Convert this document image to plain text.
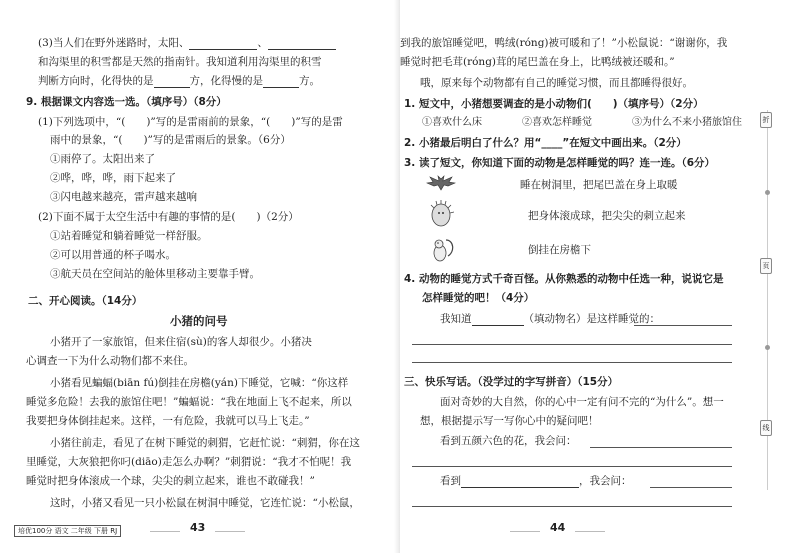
(3)当人们在野外迷路时，太阳、	、
和沟渠里的积雪都是天然的指南针。我知道利用沟渠里的积雪
判断方向时，化得快的是	方，化得慢的是	方。
9. 根据课文内容选一选。（填序号）（8分）
(1)下列选项中，“(　　)”写的是雷雨前的景象，“(　　)”写的是雷
雨中的景象，“(　　)”写的是雷雨后的景象。（6分）
①雨停了。太阳出来了
②哗，哗，哗，雨下起来了
③闪电越来越亮，雷声越来越响
(2)下面不属于太空生活中有趣的事情的是(　　)（2分）
①站着睡觉和躺着睡觉一样舒服。
②可以用普通的杯子喝水。
③航天员在空间站的舱体里移动主要靠手臂。
二、开心阅读。（14分）
小猪的问号
小猪开了一家旅馆，但来住宿(sù)的客人却很少。小猪决
心调查一下为什么动物们都不来住。
小猪看见蝙蝠(biān fú)倒挂在房檐(yán)下睡觉，它喊：“你这样
睡觉多危险！去我的旅馆住吧！”蝙蝠说：“我在地面上飞不起来，所以
我要把身体倒挂起来。这样，一有危险，我就可以马上飞走。”
小猪往前走，看见了在树下睡觉的刺猬，它赶忙说：“刺猬，你在这
里睡觉，大灰狼把你叼(diāo)走怎么办啊？”刺猬说：“我才不怕呢！我
睡觉时把身体滚成一个球，尖尖的刺立起来，谁也不敢碰我！”
这时，小猪又看见一只小松鼠在树洞中睡觉，它连忙说：“小松鼠，
培优100分 语文 二年级 下册 RJ	43
到我的旅馆睡觉吧，鸭绒(róng)被可暖和了！”小松鼠说：“谢谢你，我
睡觉时把毛茸(róng)茸的尾巴盖在身上，比鸭绒被还暖和。”
哦，原来每个动物都有自己的睡觉习惯，而且都睡得很好。
1. 短文中，小猪想要调查的是小动物们(　　)（填序号）（2分）
①喜欢什么床　　　　②喜欢怎样睡觉　　　　③为什么不来小猪旅馆住
2. 小猪最后明白了什么？用“____”在短文中画出来。（2分）
3. 读了短文，你知道下面的动物是怎样睡觉的吗？连一连。（6分）
睡在树洞里，把尾巴盖在身上取暖
把身体滚成球，把尖尖的刺立起来
倒挂在房檐下
4. 动物的睡觉方式千奇百怪。从你熟悉的动物中任选一种，说说它是
怎样睡觉的吧！（4分）
我知道	（填动物名）是这样睡觉的：
三、快乐写话。（没学过的字写拼音）（15分）
面对奇妙的大自然，你的心中一定有问不完的“为什么”。想一
想，根据提示写一写你心中的疑问吧！
看到五颜六色的花，我会问：
看到	，我会问：
44
折
页
线
